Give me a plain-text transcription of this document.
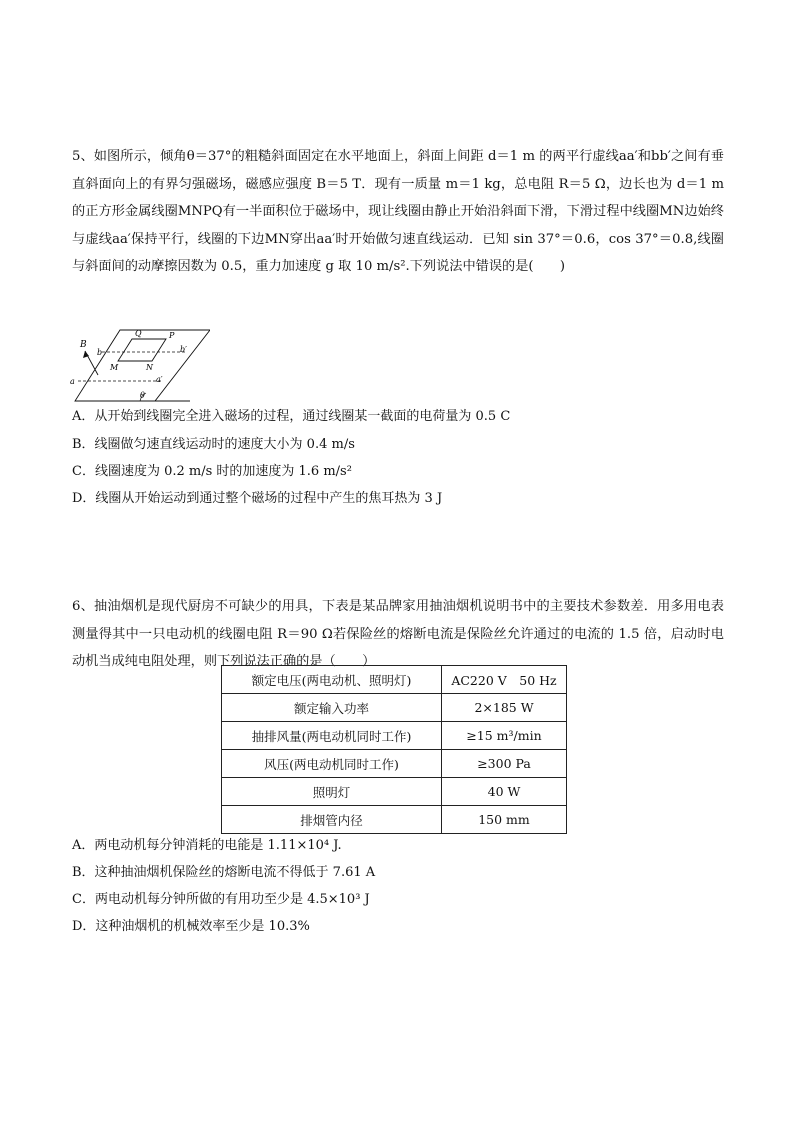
5、如图所示，倾角θ＝37°的粗糙斜面固定在水平地面上，斜面上间距 d＝1 m 的两平行虚线aa′和bb′之间有垂直斜面向上的有界匀强磁场，磁感应强度 B＝5 T．现有一质量 m＝1 kg，总电阻 R＝5 Ω，边长也为 d＝1 m的正方形金属线圈MNPQ有一半面积位于磁场中，现让线圈由静止开始沿斜面下滑，下滑过程中线圈MN边始终与虚线aa′保持平行，线圈的下边MN穿出aa′时开始做匀速直线运动．已知 sin 37°＝0.6，cos 37°＝0.8,线圈与斜面间的动摩擦因数为 0.5，重力加速度 g 取 10 m/s².下列说法中错误的是(　　)
B
b	b′
a	a′
Q	P
M	N
θ
A．从开始到线圈完全进入磁场的过程，通过线圈某一截面的电荷量为 0.5 C
B．线圈做匀速直线运动时的速度大小为 0.4 m/s
C．线圈速度为 0.2 m/s 时的加速度为 1.6 m/s²
D．线圈从开始运动到通过整个磁场的过程中产生的焦耳热为 3 J
6、抽油烟机是现代厨房不可缺少的用具，下表是某品牌家用抽油烟机说明书中的主要技术参数差．用多用电表测量得其中一只电动机的线圈电阻 R＝90 Ω若保险丝的熔断电流是保险丝允许通过的电流的 1.5 倍，启动时电动机当成纯电阻处理，则下列说法正确的是（　　）
额定电压(两电动机、照明灯)	AC220 V　50 Hz
额定输入功率	2×185 W
抽排风量(两电动机同时工作)	≥15 m³/min
风压(两电动机同时工作)	≥300 Pa
照明灯	40 W
排烟管内径	150 mm
A．两电动机每分钟消耗的电能是 1.11×10⁴ J.
B．这种抽油烟机保险丝的熔断电流不得低于 7.61 A
C．两电动机每分钟所做的有用功至少是 4.5×10³ J
D．这种油烟机的机械效率至少是 10.3%
